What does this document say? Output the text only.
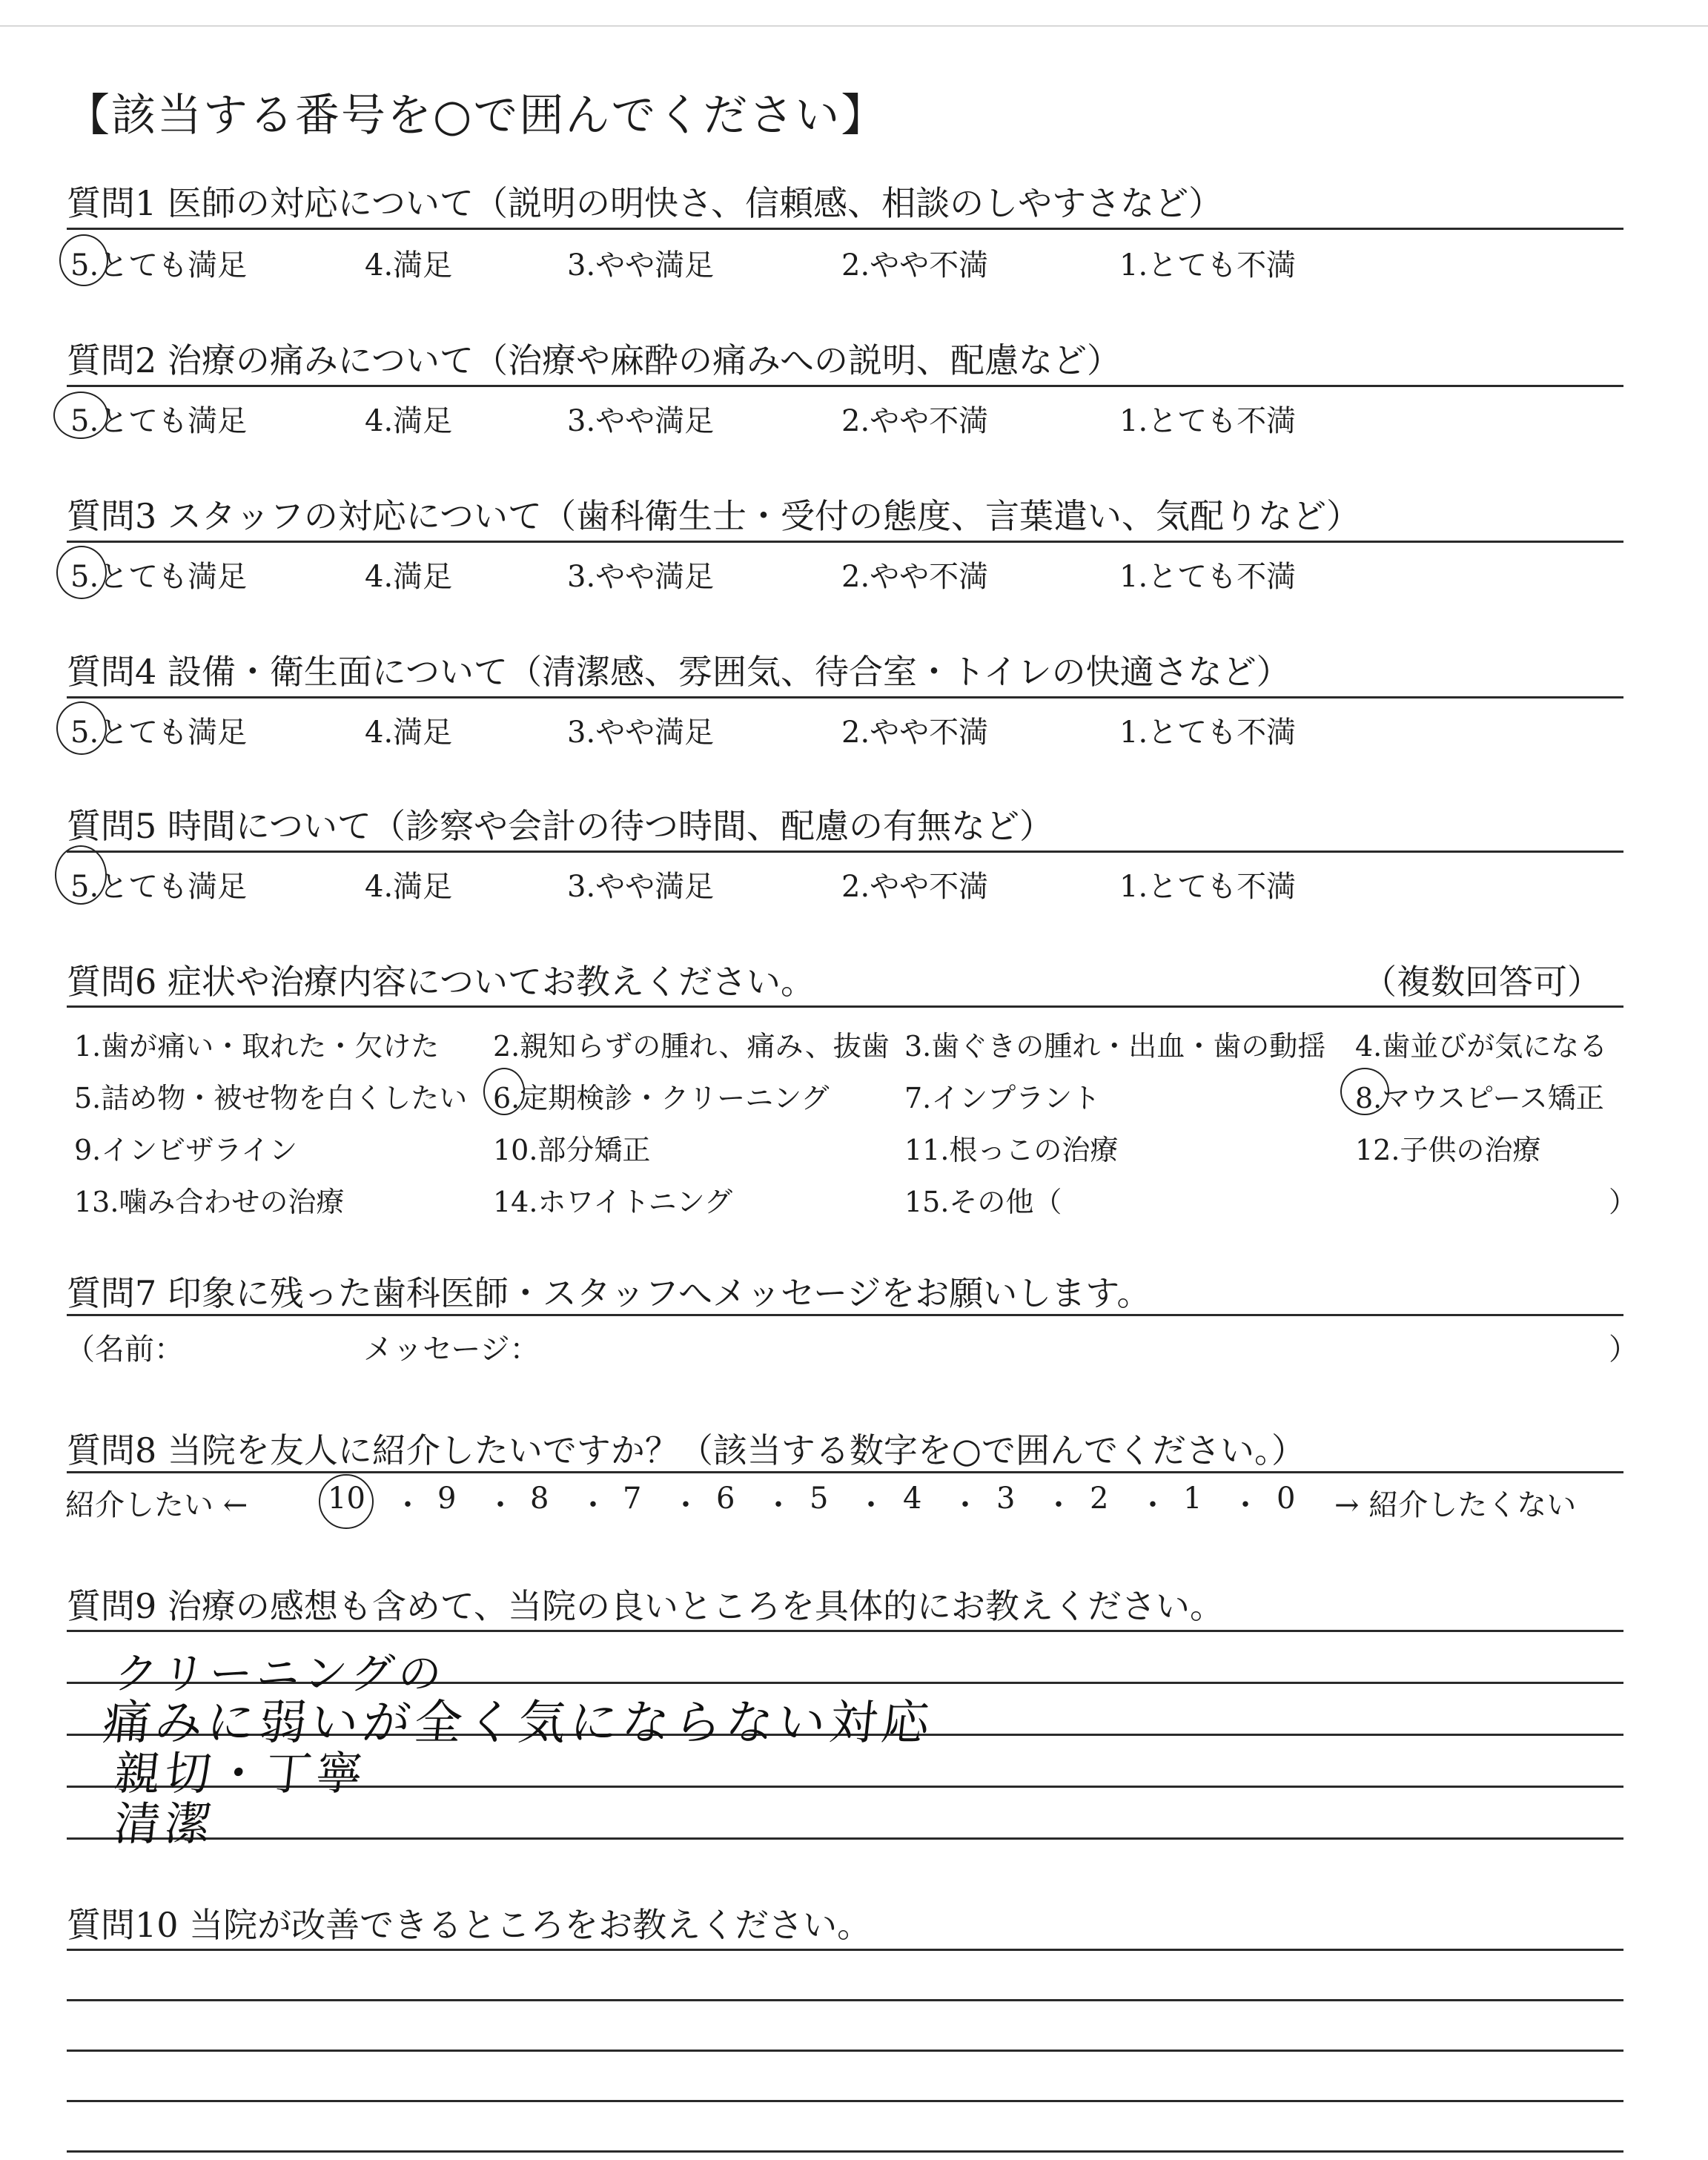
【該当する番号を○で囲んでください】
質問1 医師の対応について（説明の明快さ、信頼感、相談のしやすさなど）
5.とても満足	4.満足	3.やや満足	2.やや不満	1.とても不満
質問2 治療の痛みについて（治療や麻酔の痛みへの説明、配慮など）
5.とても満足	4.満足	3.やや満足	2.やや不満	1.とても不満
質問3 スタッフの対応について（歯科衛生士・受付の態度、言葉遣い、気配りなど）
5.とても満足	4.満足	3.やや満足	2.やや不満	1.とても不満
質問4 設備・衛生面について（清潔感、雰囲気、待合室・トイレの快適さなど）
5.とても満足	4.満足	3.やや満足	2.やや不満	1.とても不満
質問5 時間について（診察や会計の待つ時間、配慮の有無など）
5.とても満足	4.満足	3.やや満足	2.やや不満	1.とても不満
質問6 症状や治療内容についてお教えください。	（複数回答可）
1.歯が痛い・取れた・欠けた 2.親知らずの腫れ、痛み、抜歯 3.歯ぐきの腫れ・出血・歯の動揺 4.歯並びが気になる
5.詰め物・被せ物を白くしたい 6.定期検診・クリーニング	7.インプラント	8.マウスピース矯正
9.インビザライン	10.部分矯正	11.根っこの治療	12.子供の治療
13.噛み合わせの治療	14.ホワイトニング	15.その他（	）
質問7 印象に残った歯科医師・スタッフへメッセージをお願いします。
（名前：	メッセージ：	）
質問8 当院を友人に紹介したいですか？（該当する数字を○で囲んでください。）
紹介したい ←	10 ・ 9 ・ 8 ・ 7 ・ 6 ・ 5 ・ 4 ・ 3 ・ 2 ・ 1 ・ 0 → 紹介したくない
質問9 治療の感想も含めて、当院の良いところを具体的にお教えください。
クリーニングの
痛みに弱いが全く気にならない対応
親切・丁寧
清潔
質問10 当院が改善できるところをお教えください。
